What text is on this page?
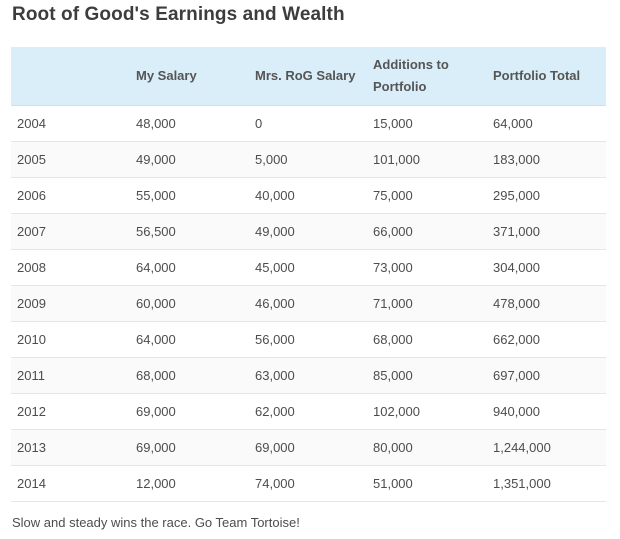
Root of Good's Earnings and Wealth
	My Salary	Mrs. RoG Salary	Additions to Portfolio	Portfolio Total
2004	48,000	0	15,000	64,000
2005	49,000	5,000	101,000	183,000
2006	55,000	40,000	75,000	295,000
2007	56,500	49,000	66,000	371,000
2008	64,000	45,000	73,000	304,000
2009	60,000	46,000	71,000	478,000
2010	64,000	56,000	68,000	662,000
2011	68,000	63,000	85,000	697,000
2012	69,000	62,000	102,000	940,000
2013	69,000	69,000	80,000	1,244,000
2014	12,000	74,000	51,000	1,351,000
Slow and steady wins the race. Go Team Tortoise!
